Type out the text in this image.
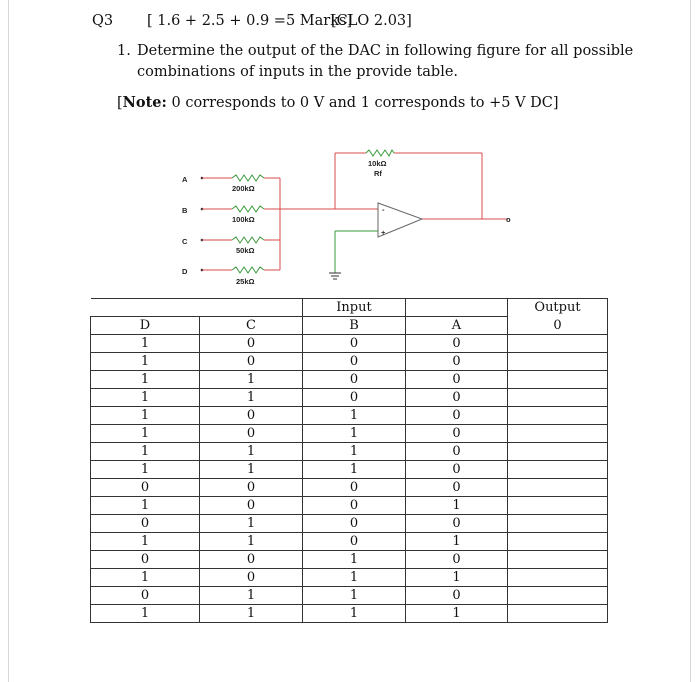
Q3 [ 1.6 + 2.5 + 0.9 =5 Marks]
[CLO 2.03]
1. Determine the output of the DAC in following figure for all possible
combinations of inputs in the provide table.
[Note: 0 corresponds to 0 V and 1 corresponds to +5 V DC]
A
B
C
D
200kΩ
100kΩ
50kΩ
25kΩ
10kΩ
Rf
-
+
o
		Input		Output
D	C	B	A	0
1	0	0	0	
1	0	0	0	
1	1	0	0	
1	1	0	0	
1	0	1	0	
1	0	1	0	
1	1	1	0	
1	1	1	0	
0	0	0	0	
1	0	0	1	
0	1	0	0	
1	1	0	1	
0	0	1	0	
1	0	1	1	
0	1	1	0	
1	1	1	1	
